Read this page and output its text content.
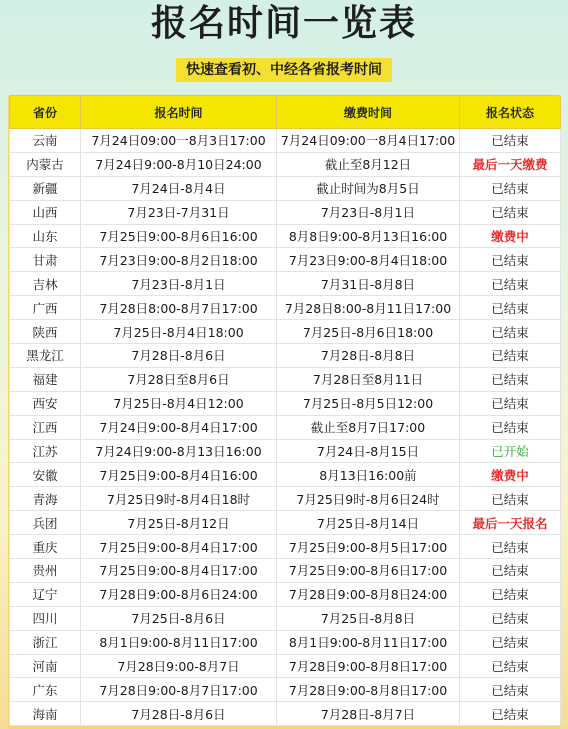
报名时间一览表
快速查看初、中经各省报考时间
省份	报名时间	缴费时间	报名状态
云南	7月24日09:00一8月3日17:00	7月24日09:00一8月4日17:00	已结束
内蒙古	7月24日9:00-8月10日24:00	截止至8月12日	最后一天缴费
新疆	7月24日-8月4日	截止时间为8月5日	已结束
山西	7月23日-7月31日	7月23日-8月1日	已结束
山东	7月25日9:00-8月6日16:00	8月8日9:00-8月13日16:00	缴费中
甘肃	7月23日9:00-8月2日18:00	7月23日9:00-8月4日18:00	已结束
吉林	7月23日-8月1日	7月31日-8月8日	已结束
广西	7月28日8:00-8月7日17:00	7月28日8:00-8月11日17:00	已结束
陕西	7月25日-8月4日18:00	7月25日-8月6日18:00	已结束
黑龙江	7月28日-8月6日	7月28日-8月8日	已结束
福建	7月28日至8月6日	7月28日至8月11日	已结束
西安	7月25日-8月4日12:00	7月25日-8月5日12:00	已结束
江西	7月24日9:00-8月4日17:00	截止至8月7日17:00	已结束
江苏	7月24日9:00-8月13日16:00	7月24日-8月15日	已开始
安徽	7月25日9:00-8月4日16:00	8月13日16:00前	缴费中
青海	7月25日9时-8月4日18时	7月25日9时-8月6日24时	已结束
兵团	7月25日-8月12日	7月25日-8月14日	最后一天报名
重庆	7月25日9:00-8月4日17:00	7月25日9:00-8月5日17:00	已结束
贵州	7月25日9:00-8月4日17:00	7月25日9:00-8月6日17:00	已结束
辽宁	7月28日9:00-8月6日24:00	7月28日9:00-8月8日24:00	已结束
四川	7月25日-8月6日	7月25日-8月8日	已结束
浙江	8月1日9:00-8月11日17:00	8月1日9:00-8月11日17:00	已结束
河南	7月28日9:00-8月7日	7月28日9:00-8月8日17:00	已结束
广东	7月28日9:00-8月7日17:00	7月28日9:00-8月8日17:00	已结束
海南	7月28日-8月6日	7月28日-8月7日	已结束
